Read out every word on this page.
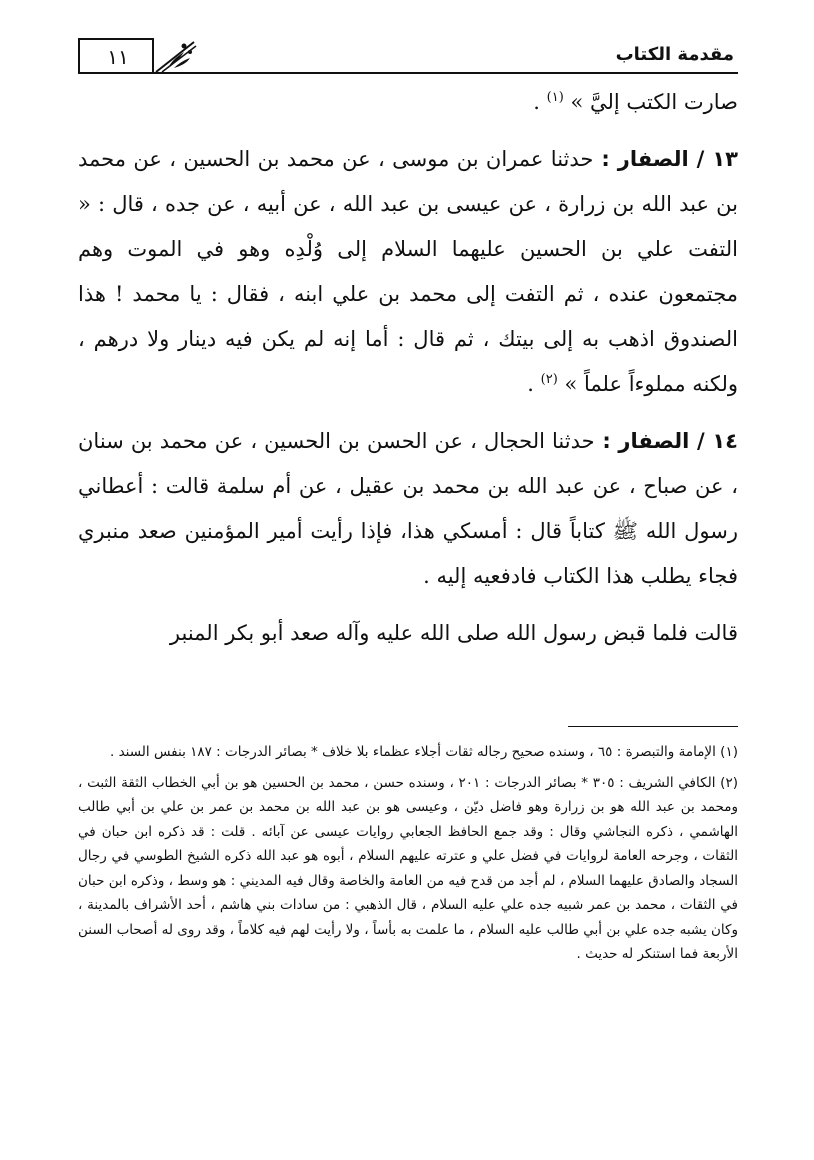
مقدمة الكتاب
١١

صارت الكتب إليَّ » $^{(١)}$ .

١٣ / الصفار : حدثنا عمران بن موسى ، عن محمد بن الحسين ، عن محمد بن عبد الله بن زرارة ، عن عيسى بن عبد الله ، عن أبيه ، عن جده ، قال : « التفت علي بن الحسين عليهما السلام إلى وُلْدِه وهو في الموت وهم مجتمعون عنده ، ثم التفت إلى محمد بن علي ابنه ، فقال : يا محمد ! هذا الصندوق اذهب به إلى بيتك ، ثم قال : أما إنه لم يكن فيه دينار ولا درهم ، ولكنه مملوءاً علماً » $^{(٢)}$ .

١٤ / الصفار : حدثنا الحجال ، عن الحسن بن الحسين ، عن محمد بن سنان ، عن صباح ، عن عبد الله بن محمد بن عقيل ، عن أم سلمة قالت : أعطاني رسول الله ﷺ كتاباً قال : أمسكي هذا، فإذا رأيت أمير المؤمنين صعد منبري فجاء يطلب هذا الكتاب فادفعيه إليه .

قالت فلما قبض رسول الله صلى الله عليه وآله صعد أبو بكر المنبر

(١) الإمامة والتبصرة : ٦٥ ، وسنده صحيح رجاله ثقات أجلاء عظماء بلا خلاف * بصائر الدرجات : ١٨٧ بنفس السند .

(٢) الكافي الشريف : ٣٠٥ * بصائر الدرجات : ٢٠١ ، وسنده حسن ، محمد بن الحسين هو بن أبي الخطاب الثقة الثبت ، ومحمد بن عبد الله هو بن زرارة وهو فاضل ديّن ، وعيسى هو بن عبد الله بن محمد بن عمر بن علي بن أبي طالب الهاشمي ، ذكره النجاشي وقال : وقد جمع الحافظ الجعابي روايات عيسى عن آبائه . قلت : قد ذكره ابن حبان في الثقات ، وجرحه العامة لروايات في فضل علي و عترته عليهم السلام ، أبوه هو عبد الله ذكره الشيخ الطوسي في رجال السجاد والصادق عليهما السلام ، لم أجد من قدح فيه من العامة والخاصة وقال فيه المديني : هو وسط ، وذكره ابن حبان في الثقات ، محمد بن عمر شبيه جده علي عليه السلام ، قال الذهبي : من سادات بني هاشم ، أحد الأشراف بالمدينة ، وكان يشبه جده علي بن أبي طالب عليه السلام ، ما علمت به بأساً ، ولا رأيت لهم فيه كلاماً ، وقد روى له أصحاب السنن الأربعة فما استنكر له حديث .
